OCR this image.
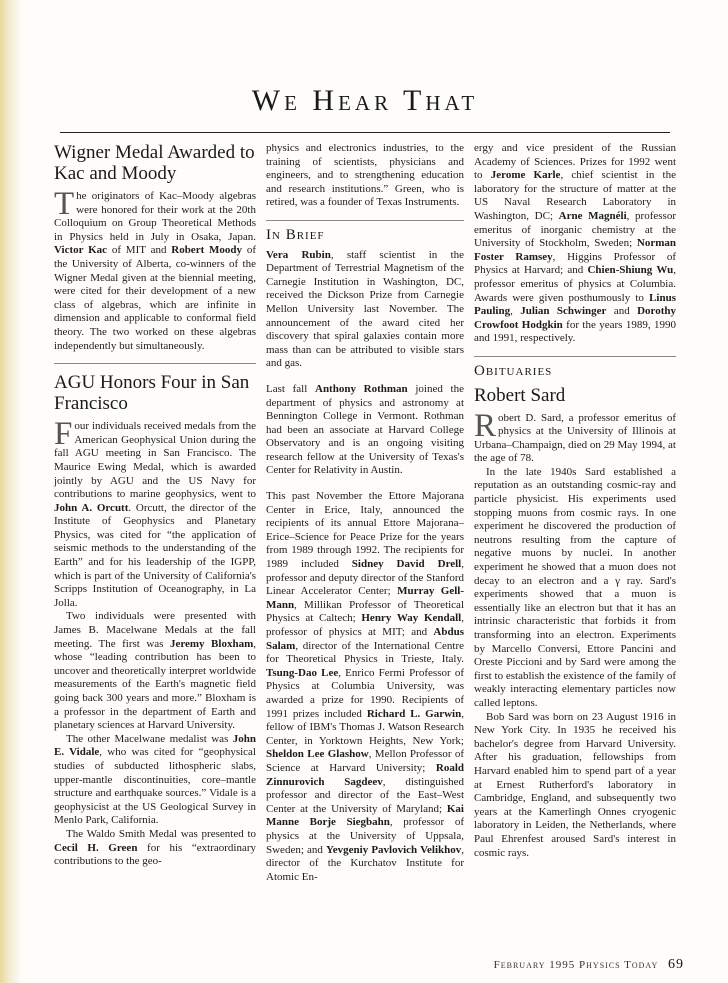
We Hear That
Wigner Medal Awarded to Kac and Moody

The originators of Kac–Moody algebras were honored for their work at the 20th Colloquium on Group Theoretical Methods in Physics held in July in Osaka, Japan. Victor Kac of MIT and Robert Moody of the University of Alberta, co-winners of the Wigner Medal given at the biennial meeting, were cited for their development of a new class of algebras, which are infinite in dimension and applicable to conformal field theory. The two worked on these algebras independently but simultaneously.

AGU Honors Four in San Francisco

Four individuals received medals from the American Geophysical Union during the fall AGU meeting in San Francisco. The Maurice Ewing Medal, which is awarded jointly by AGU and the US Navy for contributions to marine geophysics, went to John A. Orcutt. Orcutt, the director of the Institute of Geophysics and Planetary Physics, was cited for “the application of seismic methods to the understanding of the Earth” and for his leadership of the IGPP, which is part of the University of California's Scripps Institution of Oceanography, in La Jolla.

Two individuals were presented with James B. Macelwane Medals at the fall meeting. The first was Jeremy Bloxham, whose “leading contribution has been to uncover and theoretically interpret worldwide measurements of the Earth's magnetic field going back 300 years and more.” Bloxham is a professor in the department of Earth and planetary sciences at Harvard University.

The other Macelwane medalist was John E. Vidale, who was cited for “geophysical studies of subducted lithospheric slabs, upper-mantle discontinuities, core–mantle structure and earthquake sources.” Vidale is a geophysicist at the US Geological Survey in Menlo Park, California.

The Waldo Smith Medal was presented to Cecil H. Green for his “extraordinary contributions to the geo-

physics and electronics industries, to the training of scientists, physicians and engineers, and to strengthening education and research institutions.” Green, who is retired, was a founder of Texas Instruments.

In Brief

Vera Rubin, staff scientist in the Department of Terrestrial Magnetism of the Carnegie Institution in Washington, DC, received the Dickson Prize from Carnegie Mellon University last November. The announcement of the award cited her discovery that spiral galaxies contain more mass than can be attributed to visible stars and gas.

Last fall Anthony Rothman joined the department of physics and astronomy at Bennington College in Vermont. Rothman had been an associate at Harvard College Observatory and is an ongoing visiting research fellow at the University of Texas's Center for Relativity in Austin.

This past November the Ettore Majorana Center in Erice, Italy, announced the recipients of its annual Ettore Majorana–Erice–Science for Peace Prize for the years from 1989 through 1992. The recipients for 1989 included Sidney David Drell, professor and deputy director of the Stanford Linear Accelerator Center; Murray Gell-Mann, Millikan Professor of Theoretical Physics at Caltech; Henry Way Kendall, professor of physics at MIT; and Abdus Salam, director of the International Centre for Theoretical Physics in Trieste, Italy. Tsung-Dao Lee, Enrico Fermi Professor of Physics at Columbia University, was awarded a prize for 1990. Recipients of 1991 prizes included Richard L. Garwin, fellow of IBM's Thomas J. Watson Research Center, in Yorktown Heights, New York; Sheldon Lee Glashow, Mellon Professor of Science at Harvard University; Roald Zinnurovich Sagdeev, distinguished professor and director of the East–West Center at the University of Maryland; Kai Manne Borje Siegbahn, professor of physics at the University of Uppsala, Sweden; and Yevgeniy Pavlovich Velikhov, director of the Kurchatov Institute for Atomic En-

ergy and vice president of the Russian Academy of Sciences. Prizes for 1992 went to Jerome Karle, chief scientist in the laboratory for the structure of matter at the US Naval Research Laboratory in Washington, DC; Arne Magnéli, professor emeritus of inorganic chemistry at the University of Stockholm, Sweden; Norman Foster Ramsey, Higgins Professor of Physics at Harvard; and Chien-Shiung Wu, professor emeritus of physics at Columbia. Awards were given posthumously to Linus Pauling, Julian Schwinger and Dorothy Crowfoot Hodgkin for the years 1989, 1990 and 1991, respectively.

Obituaries
Robert Sard

Robert D. Sard, a professor emeritus of physics at the University of Illinois at Urbana–Champaign, died on 29 May 1994, at the age of 78.

In the late 1940s Sard established a reputation as an outstanding cosmic-ray and particle physicist. His experiments used stopping muons from cosmic rays. In one experiment he discovered the production of neutrons resulting from the capture of negative muons by nuclei. In another experiment he showed that a muon does not decay to an electron and a γ ray. Sard's experiments showed that a muon is essentially like an electron but that it has an intrinsic characteristic that forbids it from transforming into an electron. Experiments by Marcello Conversi, Ettore Pancini and Oreste Piccioni and by Sard were among the first to establish the existence of the family of weakly interacting elementary particles now called leptons.

Bob Sard was born on 23 August 1916 in New York City. In 1935 he received his bachelor's degree from Harvard University. After his graduation, fellowships from Harvard enabled him to spend part of a year at Ernest Rutherford's laboratory in Cambridge, England, and subsequently two years at the Kamerlingh Onnes cryogenic laboratory in Leiden, the Netherlands, where Paul Ehrenfest aroused Sard's interest in cosmic rays.

February 1995 Physics Today 69
